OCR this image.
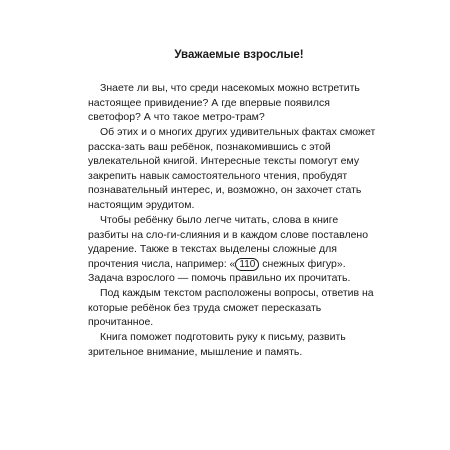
Уважаемые взрослые!

Знаете ли вы, что среди насекомых можно встретить настоящее привидение? А где впервые появился светофор? А что такое метро-трам?

Об этих и о многих других удивительных фактах сможет расска-зать ваш ребёнок, познакомившись с этой увлекательной книгой. Интересные тексты помогут ему закрепить навык самостоятельного чтения, пробудят познавательный интерес, и, возможно, он захочет стать настоящим эрудитом.

Чтобы ребёнку было легче читать, слова в книге разбиты на сло-ги-слияния и в каждом слове поставлено ударение. Также в текстах выделены сложные для прочтения числа, например: « 110 снежных фигур». Задача взрослого — помочь правильно их прочитать.

Под каждым текстом расположены вопросы, ответив на которые ребёнок без труда сможет пересказать прочитанное.

Книга поможет подготовить руку к письму, развить зрительное внимание, мышление и память.
